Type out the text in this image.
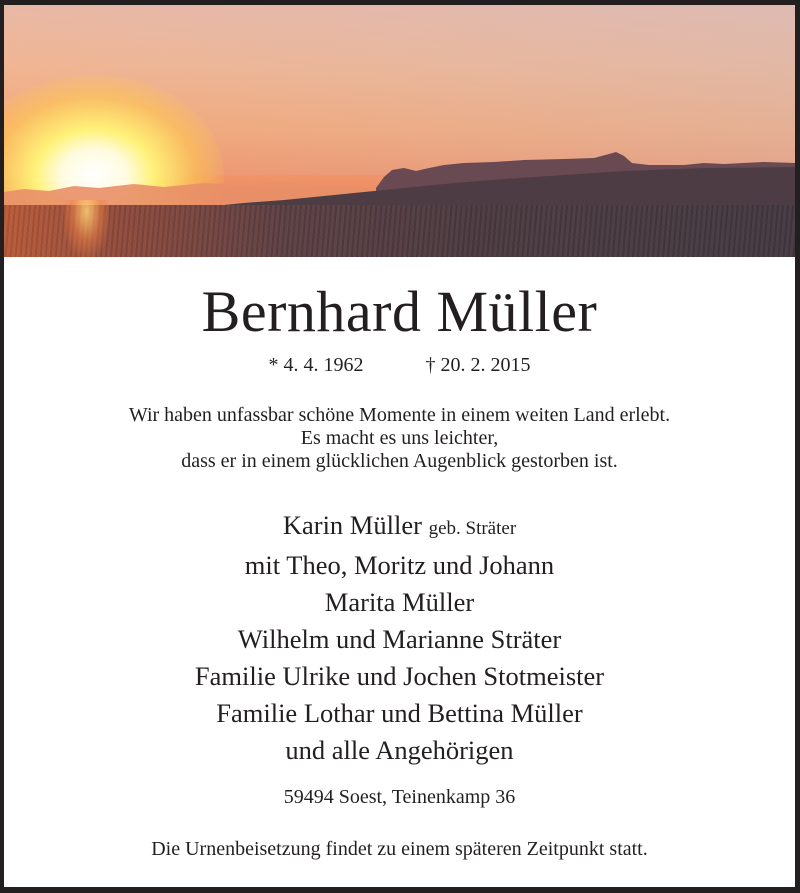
Bernhard Müller
* 4. 4. 1962	† 20. 2. 2015
Wir haben unfassbar schöne Momente in einem weiten Land erlebt.
Es macht es uns leichter,
dass er in einem glücklichen Augenblick gestorben ist.
Karin Müller geb. Sträter
mit Theo, Moritz und Johann
Marita Müller
Wilhelm und Marianne Sträter
Familie Ulrike und Jochen Stotmeister
Familie Lothar und Bettina Müller
und alle Angehörigen
59494 Soest, Teinenkamp 36
Die Urnenbeisetzung findet zu einem späteren Zeitpunkt statt.
